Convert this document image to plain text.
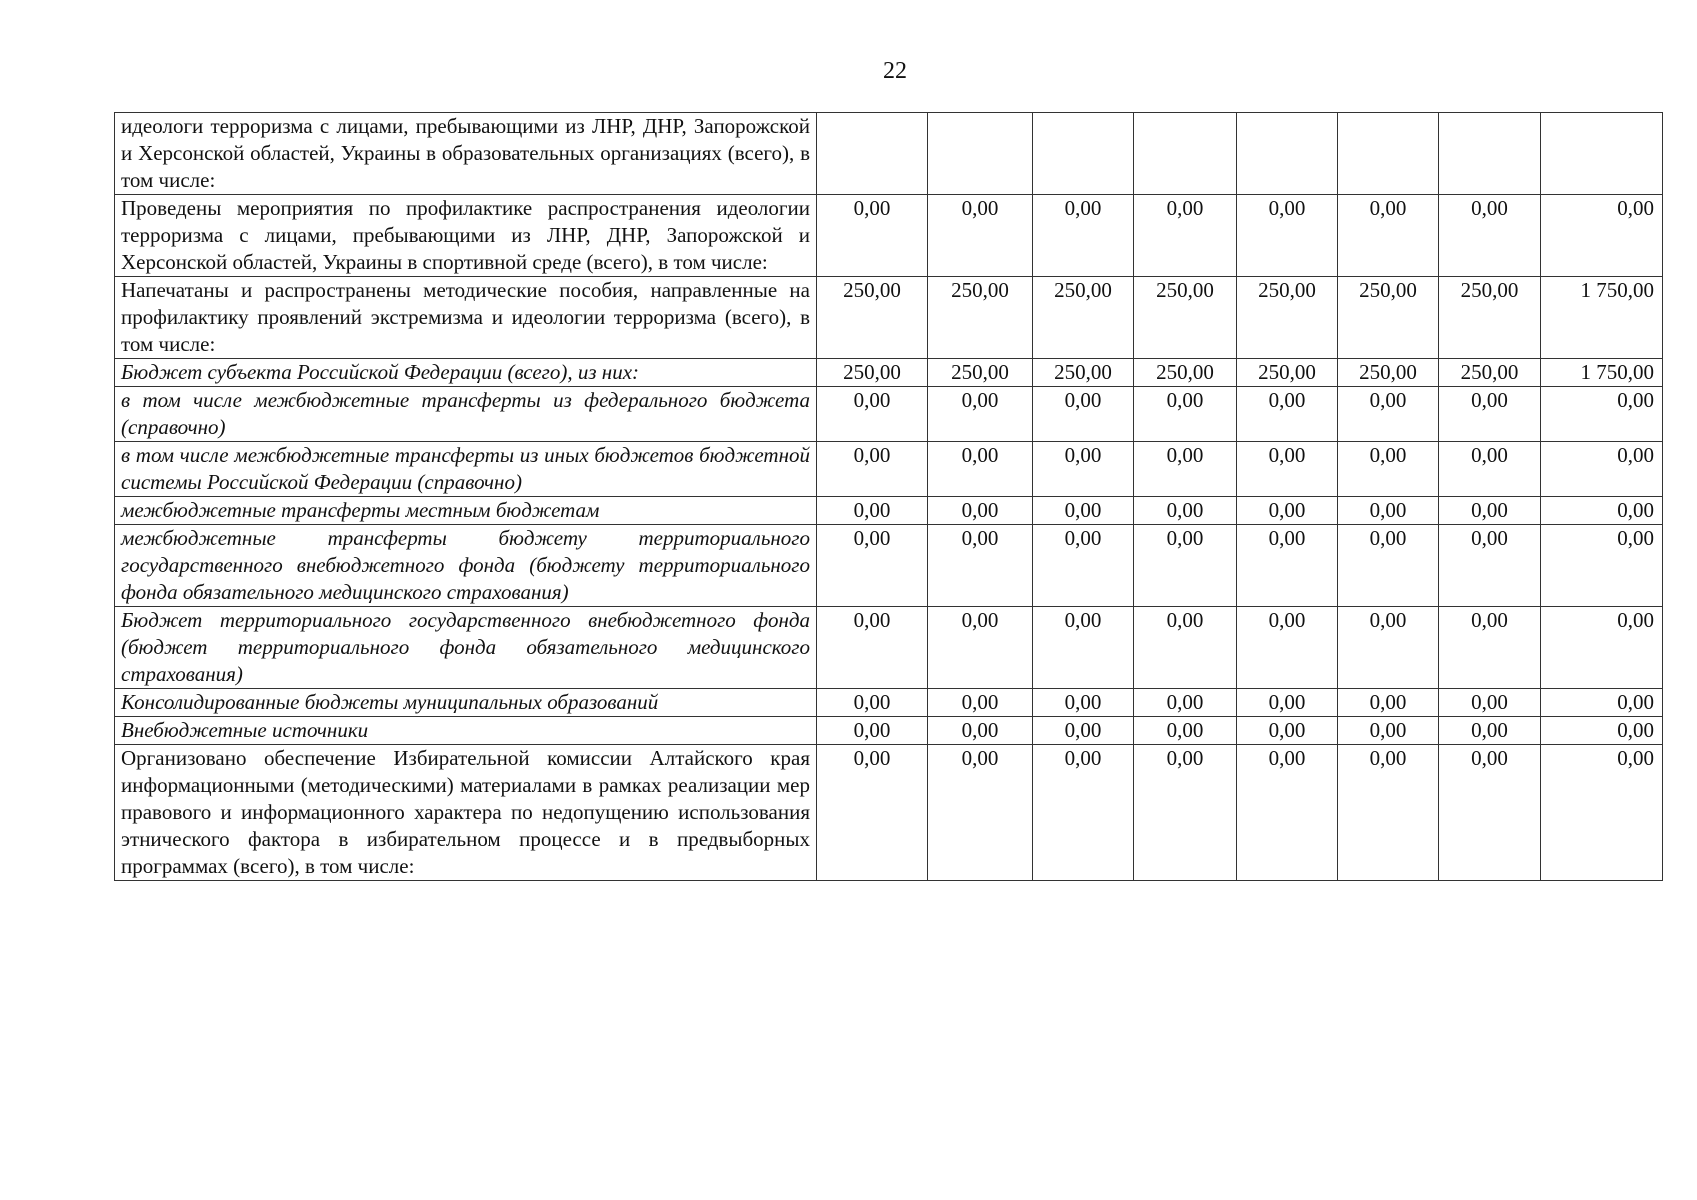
22
идеологи терроризма с лицами, пребывающими из ЛНР, ДНР, Запорожской и Херсонской областей, Украины в образовательных организациях (всего), в том числе:								
Проведены мероприятия по профилактике распространения идеологии терроризма с лицами, пребывающими из ЛНР, ДНР, Запорожской и Херсонской областей, Украины в спортивной среде (всего), в том числе:	0,00	0,00	0,00	0,00	0,00	0,00	0,00	0,00
Напечатаны и распространены методические пособия, направленные на профилактику проявлений экстремизма и идеологии терроризма (всего), в том числе:	250,00	250,00	250,00	250,00	250,00	250,00	250,00	1 750,00
Бюджет субъекта Российской Федерации (всего), из них:	250,00	250,00	250,00	250,00	250,00	250,00	250,00	1 750,00
в том числе межбюджетные трансферты из федерального бюджета (справочно)	0,00	0,00	0,00	0,00	0,00	0,00	0,00	0,00
в том числе межбюджетные трансферты из иных бюджетов бюджетной системы Российской Федерации (справочно)	0,00	0,00	0,00	0,00	0,00	0,00	0,00	0,00
межбюджетные трансферты местным бюджетам	0,00	0,00	0,00	0,00	0,00	0,00	0,00	0,00
межбюджетные трансферты бюджету территориального государственного внебюджетного фонда (бюджету территориального фонда обязательного медицинского страхования)	0,00	0,00	0,00	0,00	0,00	0,00	0,00	0,00
Бюджет территориального государственного внебюджетного фонда (бюджет территориального фонда обязательного медицинского страхования)	0,00	0,00	0,00	0,00	0,00	0,00	0,00	0,00
Консолидированные бюджеты муниципальных образований	0,00	0,00	0,00	0,00	0,00	0,00	0,00	0,00
Внебюджетные источники	0,00	0,00	0,00	0,00	0,00	0,00	0,00	0,00
Организовано обеспечение Избирательной комиссии Алтайского края информационными (методическими) материалами в рамках реализации мер правового и информационного характера по недопущению использования этнического фактора в избирательном процессе и в предвыборных программах (всего), в том числе:	0,00	0,00	0,00	0,00	0,00	0,00	0,00	0,00
